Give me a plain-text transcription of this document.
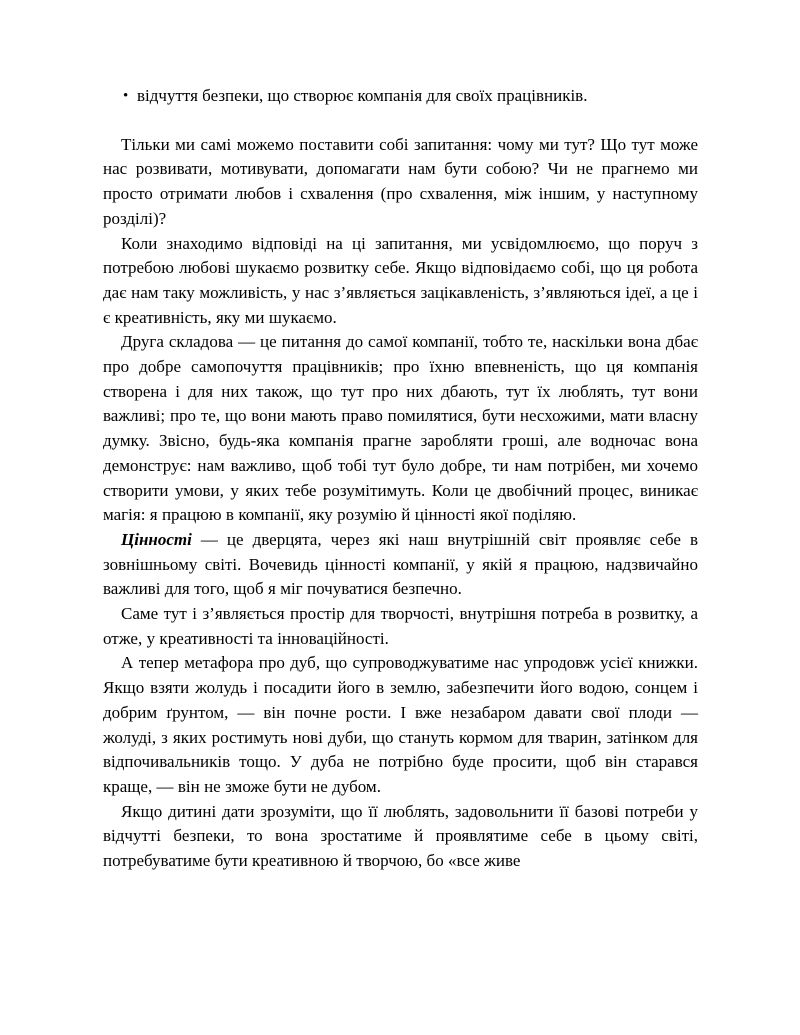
• відчуття безпеки, що створює компанія для своїх працівників.

Тільки ми самі можемо поставити собі запитання: чому ми тут? Що тут може нас розвивати, мотивувати, допомагати нам бути собою? Чи не прагнемо ми просто отримати любов і схвалення (про схвалення, між іншим, у наступному розділі)?

Коли знаходимо відповіді на ці запитання, ми усвідомлюємо, що поруч з потребою любові шукаємо розвитку себе. Якщо відповідаємо собі, що ця робота дає нам таку можливість, у нас з’являється зацікавленість, з’являються ідеї, а це і є креативність, яку ми шукаємо.

Друга складова — це питання до самої компанії, тобто те, наскільки вона дбає про добре самопочуття працівників; про їхню впевненість, що ця компанія створена і для них також, що тут про них дбають, тут їх люблять, тут вони важливі; про те, що вони мають право помилятися, бути несхожими, мати власну думку. Звісно, будь-яка компанія прагне заробляти гроші, але водночас вона демонструє: нам важливо, щоб тобі тут було добре, ти нам потрібен, ми хочемо створити умови, у яких тебе розумітимуть. Коли це двобічний процес, виникає магія: я працюю в компанії, яку розумію й цінності якої поділяю.

Цінності — це дверцята, через які наш внутрішній світ проявляє себе в зовнішньому світі. Вочевидь цінності компанії, у якій я працюю, надзвичайно важливі для того, щоб я міг почуватися безпечно.

Саме тут і з’являється простір для творчості, внутрішня потреба в розвитку, а отже, у креативності та інноваційності.

А тепер метафора про дуб, що супроводжуватиме нас упродовж усієї книжки. Якщо взяти жолудь і посадити його в землю, забезпечити його водою, сонцем і добрим ґрунтом, — він почне рости. І вже незабаром давати свої плоди — жолуді, з яких ростимуть нові дуби, що стануть кормом для тварин, затінком для відпочивальників тощо. У дуба не потрібно буде просити, щоб він старався краще, — він не зможе бути не дубом.

Якщо дитині дати зрозуміти, що її люблять, задовольнити її базові потреби у відчутті безпеки, то вона зростатиме й проявлятиме себе в цьому світі, потребуватиме бути креативною й творчою, бо «все живе
